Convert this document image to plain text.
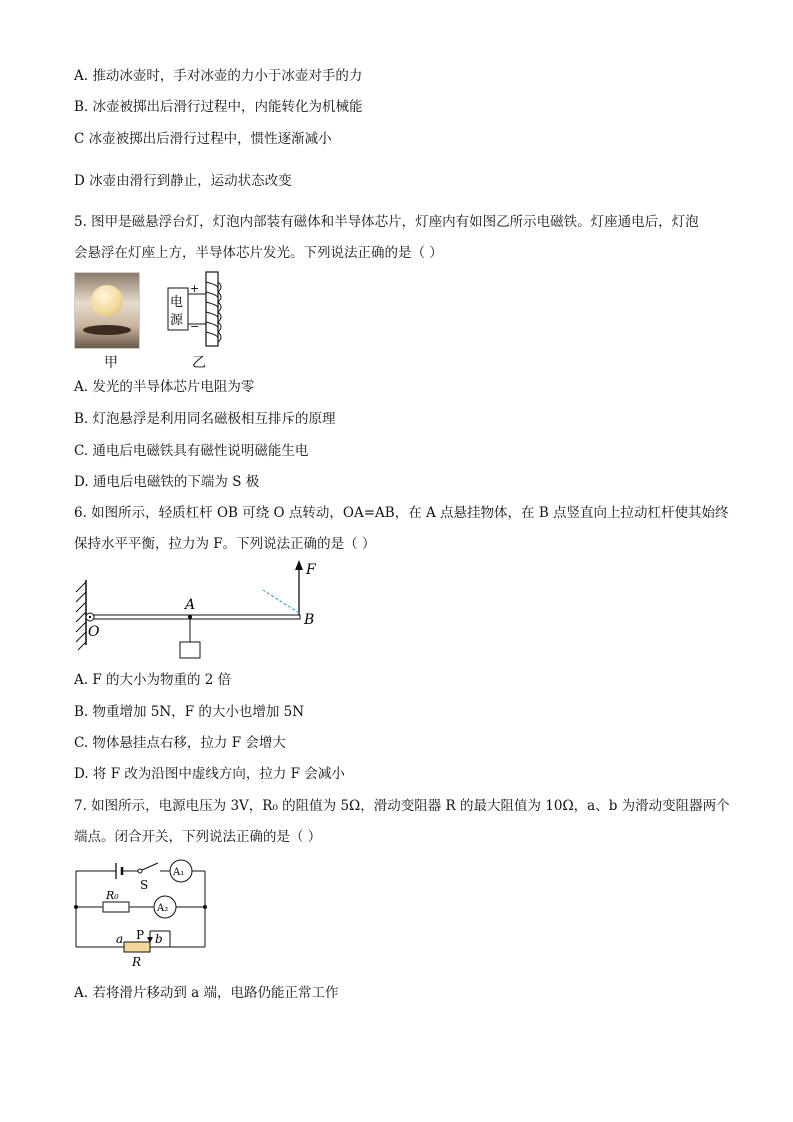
A. 推动冰壶时，手对冰壶的力小于冰壶对手的力
B. 冰壶被掷出后滑行过程中，内能转化为机械能
C 冰壶被掷出后滑行过程中，惯性逐渐减小
D 冰壶由滑行到静止，运动状态改变
5. 图甲是磁悬浮台灯，灯泡内部装有磁体和半导体芯片，灯座内有如图乙所示电磁铁。灯座通电后，灯泡
会悬浮在灯座上方，半导体芯片发光。下列说法正确的是（ ）
电
源
+
−
甲	乙
A. 发光的半导体芯片电阻为零
B. 灯泡悬浮是利用同名磁极相互排斥的原理
C. 通电后电磁铁具有磁性说明磁能生电
D. 通电后电磁铁的下端为 S 极
6. 如图所示，轻质杠杆 OB 可绕 O 点转动，OA=AB，在 A 点悬挂物体，在 B 点竖直向上拉动杠杆使其始终
保持水平平衡，拉力为 F。下列说法正确的是（ ）
F
A
O
B
A. F 的大小为物重的 2 倍
B. 物重增加 5N，F 的大小也增加 5N
C. 物体悬挂点右移，拉力 F 会增大
D. 将 F 改为沿图中虚线方向，拉力 F 会减小
7. 如图所示，电源电压为 3V，R₀ 的阻值为 5Ω，滑动变阻器 R 的最大阻值为 10Ω，a、b 为滑动变阻器两个
端点。闭合开关，下列说法正确的是（ ）
S
A₁
A₂
R₀
a P b
R
A. 若将滑片移动到 a 端，电路仍能正常工作
